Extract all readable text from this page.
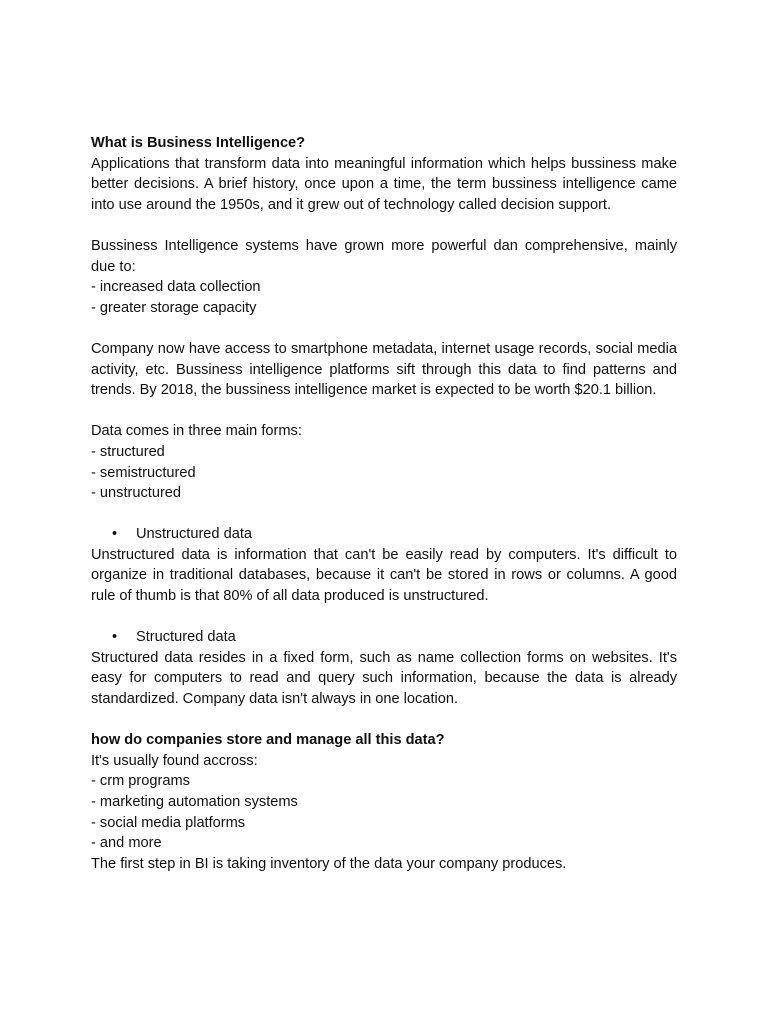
What is Business Intelligence?

Applications that transform data into meaningful information which helps bussiness make better decisions. A brief history, once upon a time, the term bussiness intelligence came into use around the 1950s, and it grew out of technology called decision support.

Bussiness Intelligence systems have grown more powerful dan comprehensive, mainly due to:

- increased data collection
- greater storage capacity

Company now have access to smartphone metadata, internet usage records, social media activity, etc. Bussiness intelligence platforms sift through this data to find patterns and trends. By 2018, the bussiness intelligence market is expected to be worth $20.1 billion.

Data comes in three main forms:
- structured
- semistructured
- unstructured
• Unstructured data

Unstructured data is information that can't be easily read by computers. It's difficult to organize in traditional databases, because it can't be stored in rows or columns. A good rule of thumb is that 80% of all data produced is unstructured.

• Structured data

Structured data resides in a fixed form, such as name collection forms on websites. It's easy for computers to read and query such information, because the data is already standardized. Company data isn't always in one location.

how do companies store and manage all this data?
It's usually found accross:
- crm programs
- marketing automation systems
- social media platforms
- and more
The first step in BI is taking inventory of the data your company produces.
